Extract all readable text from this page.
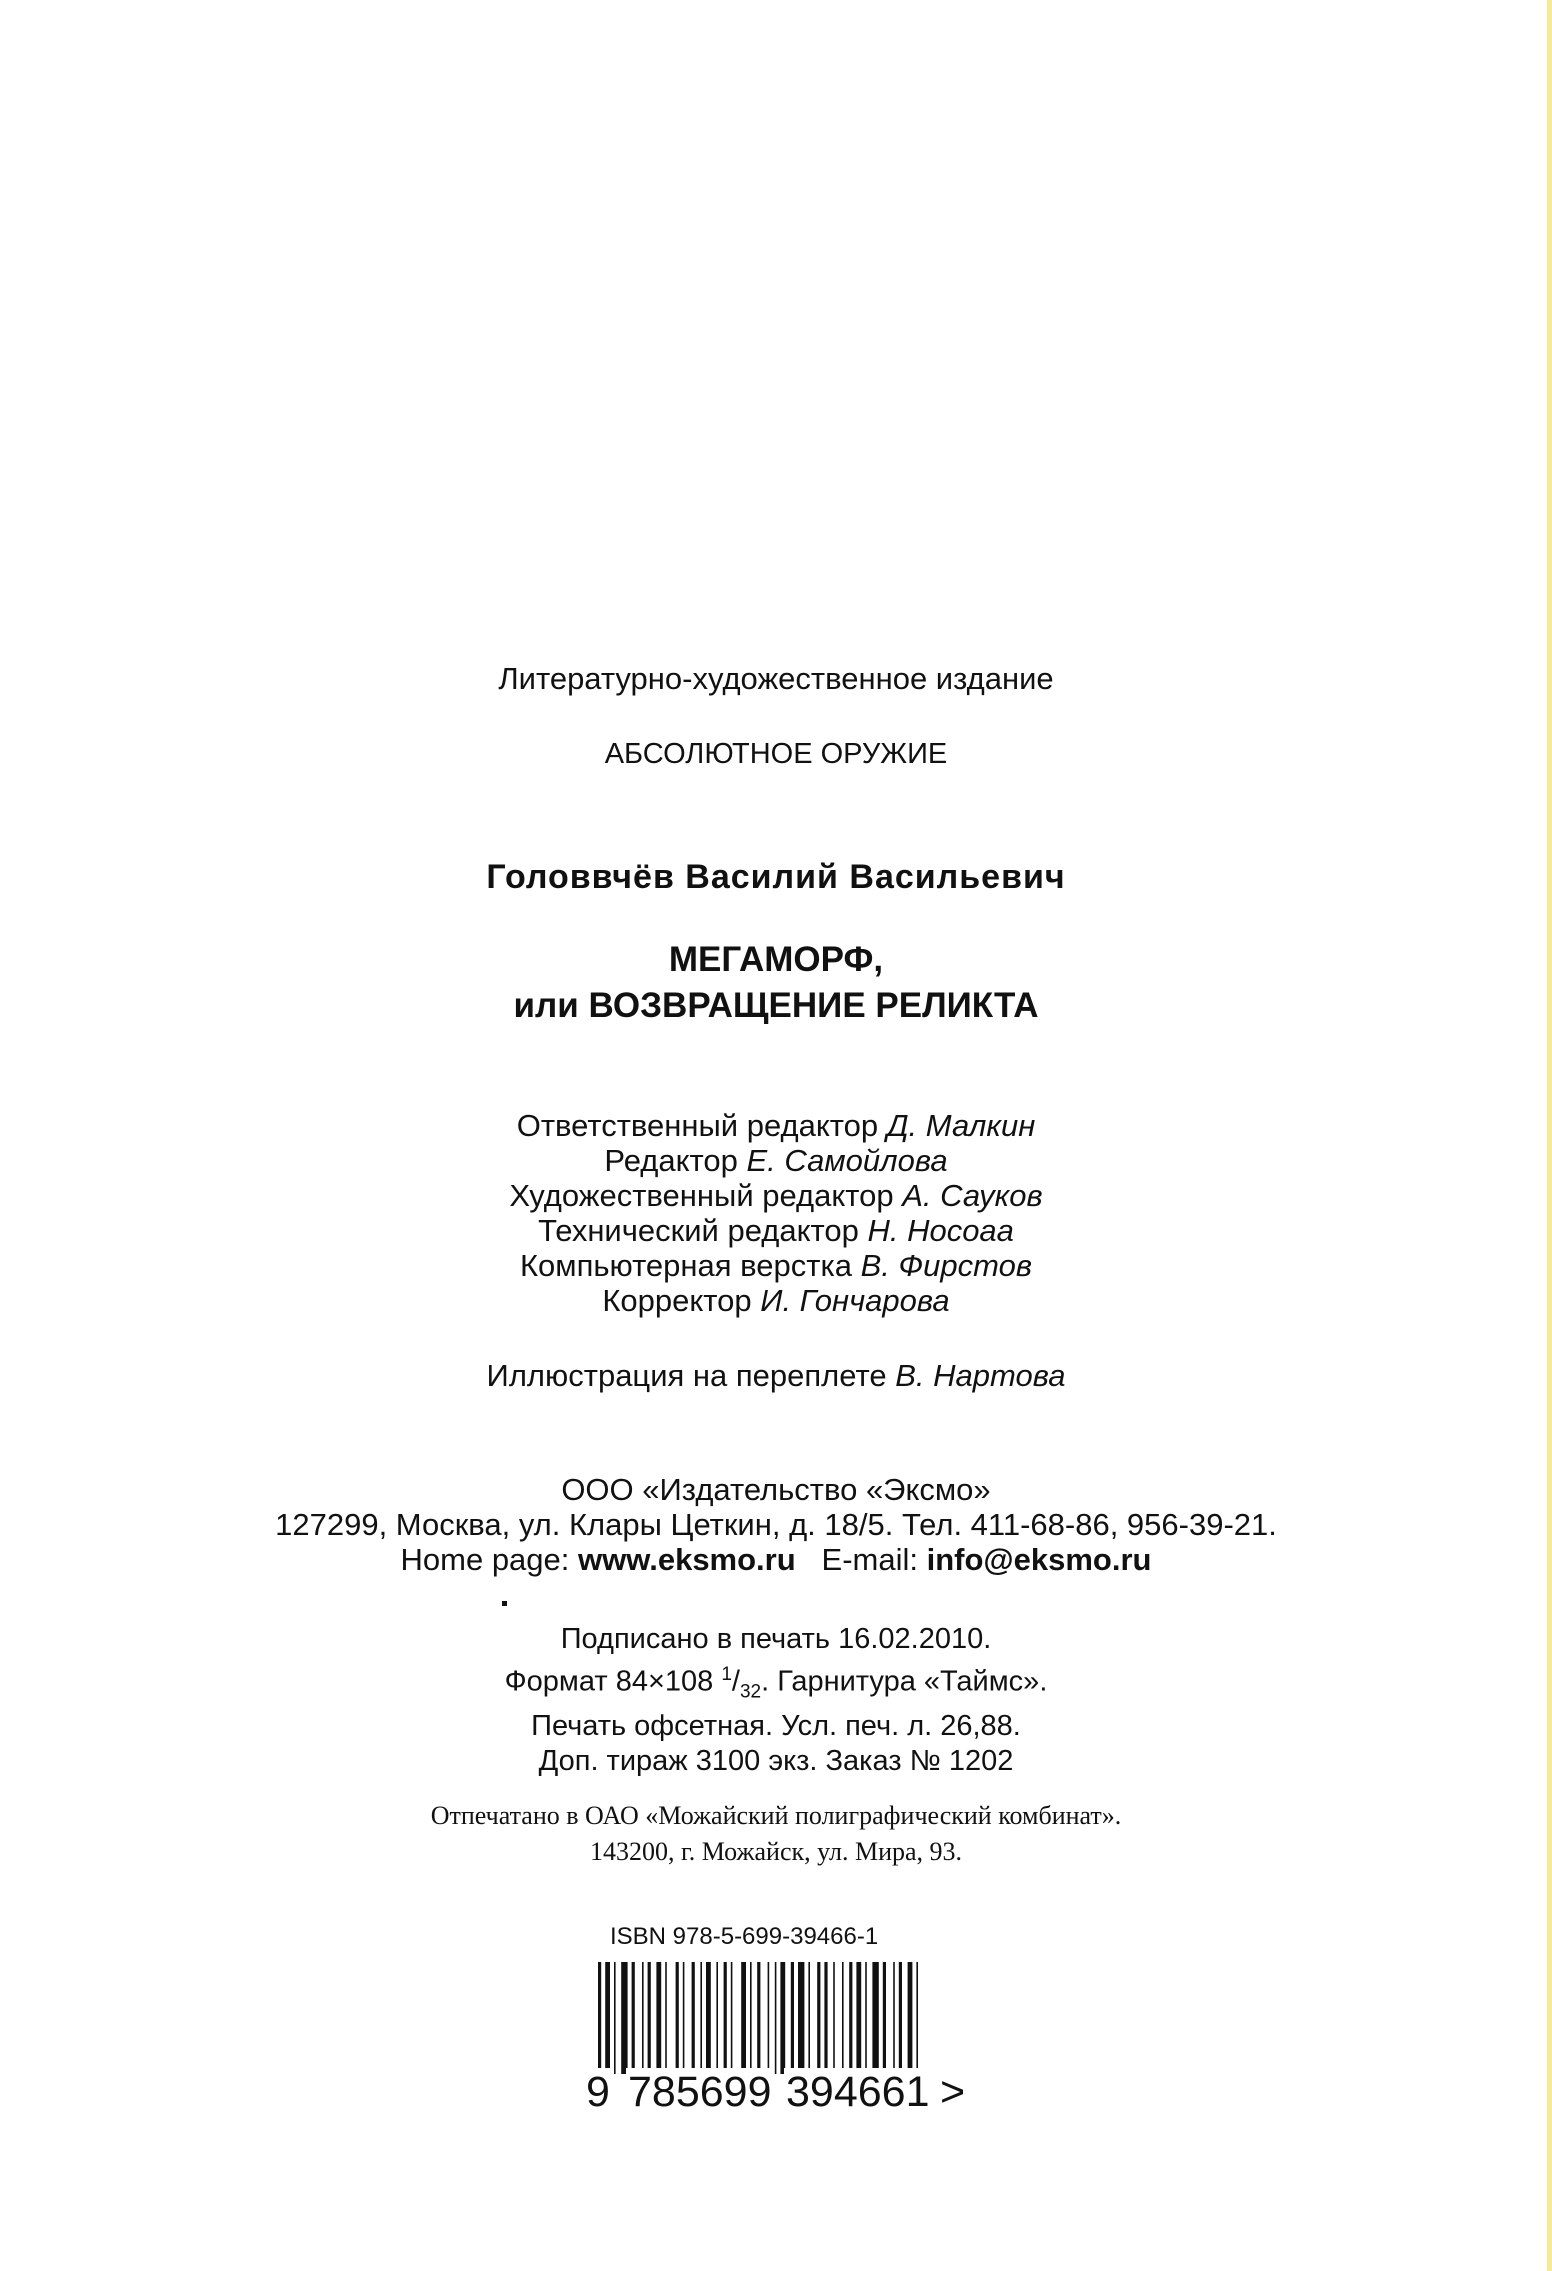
Литературно-художественное издание
АБСОЛЮТНОЕ ОРУЖИЕ
Головвчёв Василий Васильевич
МЕГАМОРФ,
или ВОЗВРАЩЕНИЕ РЕЛИКТА
Ответственный редактор Д. Малкин
Редактор Е. Самойлова
Художественный редактор А. Сауков
Технический редактор Н. Носоаа
Компьютерная верстка В. Фирстов
Корректор И. Гончарова
Иллюстрация на переплете В. Нартова
ООО «Издательство «Эксмо»
127299, Москва, ул. Клары Цеткин, д. 18/5. Тел. 411-68-86, 956-39-21.
Home page: www.eksmo.ru E-mail: info@eksmo.ru
Подписано в печать 16.02.2010.
Формат 84×108 $^1/_{32}$. Гарнитура «Таймс».
Печать офсетная. Усл. печ. л. 26,88.
Доп. тираж 3100 экз. Заказ № 1202
Отпечатано в ОАО «Можайский полиграфический комбинат».
143200, г. Можайск, ул. Мира, 93.
ISBN 978-5-699-39466-1
9 785699 394661 >
